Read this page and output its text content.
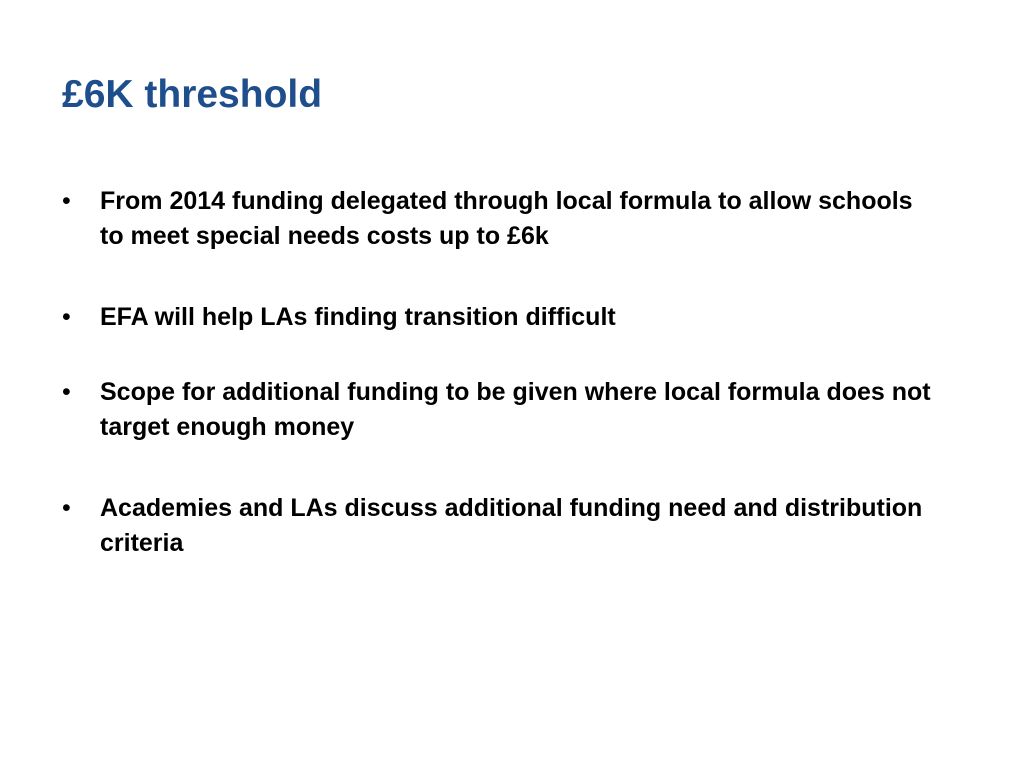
£6K threshold
• From 2014 funding delegated through local formula to allow schools to meet special needs costs up to £6k
• EFA will help LAs finding transition difficult
• Scope for additional funding to be given where local formula does not target enough money
• Academies and LAs discuss additional funding need and distribution criteria
